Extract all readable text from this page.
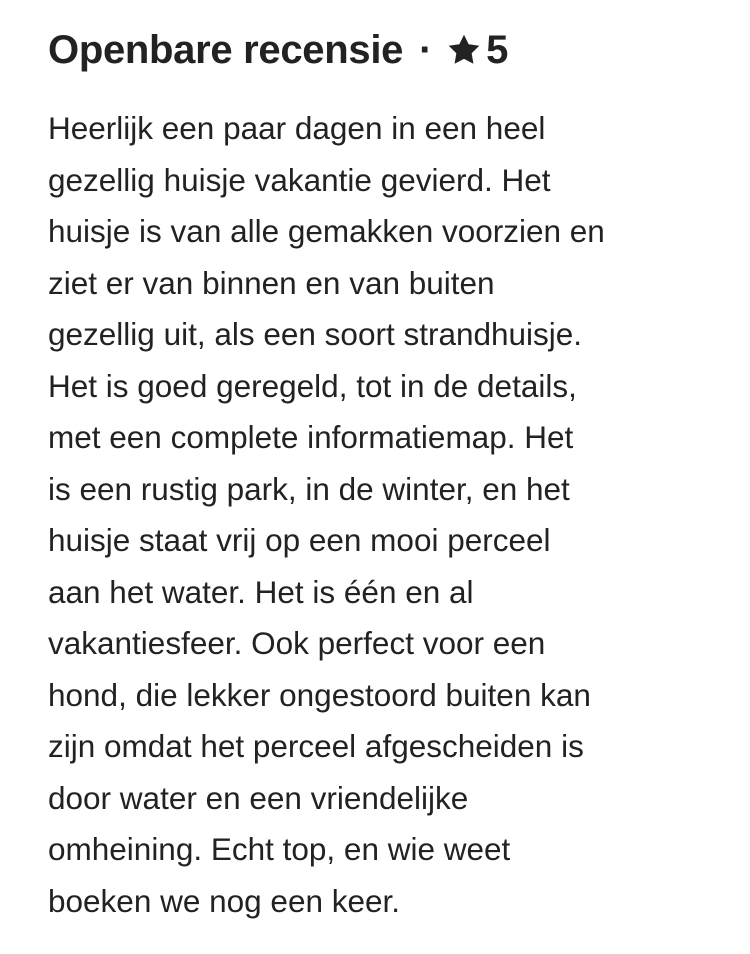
Openbare recensie · 5
Heerlijk een paar dagen in een heel
gezellig huisje vakantie gevierd. Het
huisje is van alle gemakken voorzien en
ziet er van binnen en van buiten
gezellig uit, als een soort strandhuisje.
Het is goed geregeld, tot in de details,
met een complete informatiemap. Het
is een rustig park, in de winter, en het
huisje staat vrij op een mooi perceel
aan het water. Het is één en al
vakantiesfeer. Ook perfect voor een
hond, die lekker ongestoord buiten kan
zijn omdat het perceel afgescheiden is
door water en een vriendelijke
omheining. Echt top, en wie weet
boeken we nog een keer.
